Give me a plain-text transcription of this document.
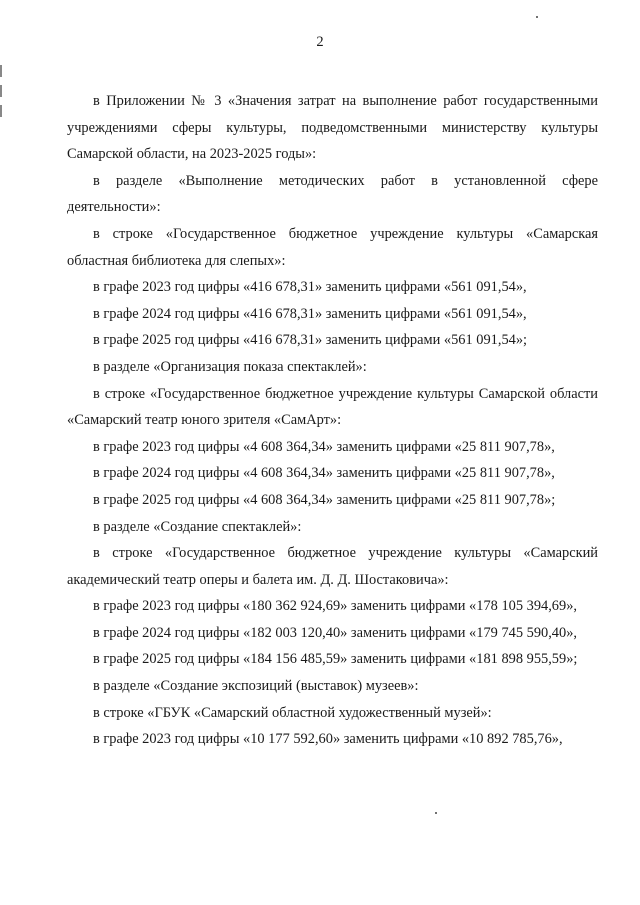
2

в Приложении № 3 «Значения затрат на выполнение работ государственными учреждениями сферы культуры, подведомственными министерству культуры Самарской области, на 2023-2025 годы»:

в разделе «Выполнение методических работ в установленной сфере деятельности»:

в строке «Государственное бюджетное учреждение культуры «Самарская областная библиотека для слепых»:

в графе 2023 год цифры «416 678,31» заменить цифрами «561 091,54»,

в графе 2024 год цифры «416 678,31» заменить цифрами «561 091,54»,

в графе 2025 год цифры «416 678,31» заменить цифрами «561 091,54»;

в разделе «Организация показа спектаклей»:

в строке «Государственное бюджетное учреждение культуры Самарской области «Самарский театр юного зрителя «СамАрт»:

в графе 2023 год цифры «4 608 364,34» заменить цифрами «25 811 907,78»,

в графе 2024 год цифры «4 608 364,34» заменить цифрами «25 811 907,78»,

в графе 2025 год цифры «4 608 364,34» заменить цифрами «25 811 907,78»;

в разделе «Создание спектаклей»:

в строке «Государственное бюджетное учреждение культуры «Самарский академический театр оперы и балета им. Д. Д. Шостаковича»:

в графе 2023 год цифры «180 362 924,69» заменить цифрами «178 105 394,69»,

в графе 2024 год цифры «182 003 120,40» заменить цифрами «179 745 590,40»,

в графе 2025 год цифры «184 156 485,59» заменить цифрами «181 898 955,59»;

в разделе «Создание экспозиций (выставок) музеев»:

в строке «ГБУК «Самарский областной художественный музей»:

в графе 2023 год цифры «10 177 592,60» заменить цифрами «10 892 785,76»,
